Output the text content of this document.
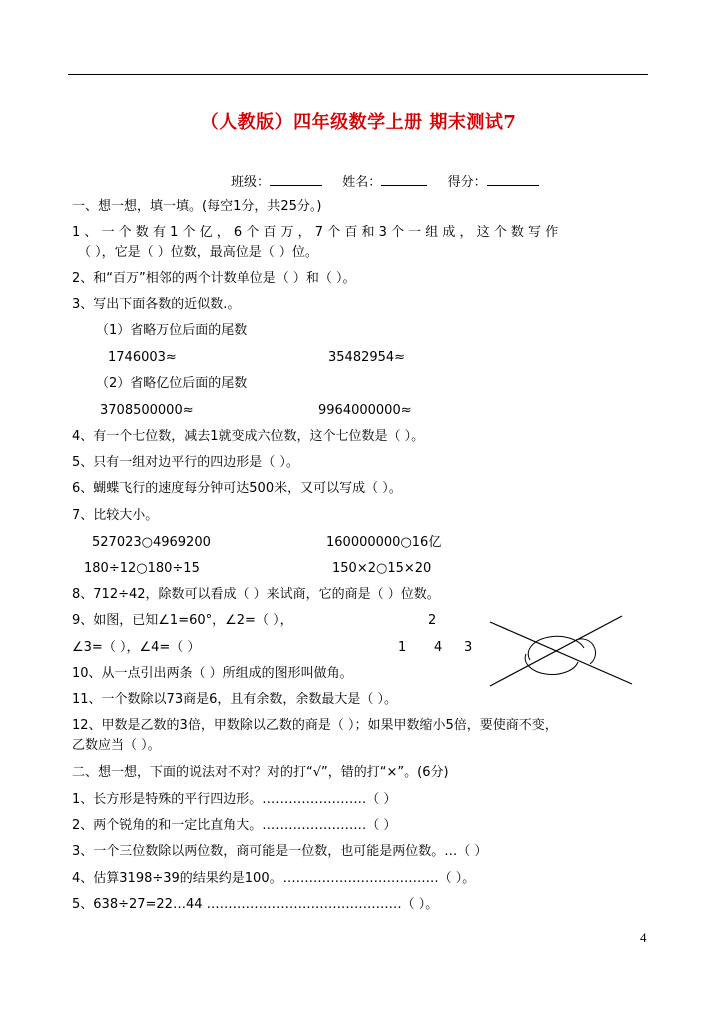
（人教版）四年级数学上册 期末测试7
班级：	姓名：	得分：
一、想一想，填一填。(每空1分，共25分。)
1 、 一 个 数 有 1 个 亿 ， 6 个 百 万 ， 7 个 百 和 3 个 一 组 成 ， 这 个 数 写 作
（ ），它是（ ）位数，最高位是（ ）位。
2、和“百万”相邻的两个计数单位是（ ）和（ ）。
3、写出下面各数的近似数.。
（1）省略万位后面的尾数
1746003≈	35482954≈
（2）省略亿位后面的尾数
3708500000≈	9964000000≈
4、有一个七位数，减去1就变成六位数，这个七位数是（ ）。
5、只有一组对边平行的四边形是（ ）。
6、蝴蝶飞行的速度每分钟可达500米，又可以写成（ ）。
7、比较大小。
527023○4969200	160000000○16亿
180÷12○180÷15	150×2○15×20
8、712÷42，除数可以看成（ ）来试商，它的商是（ ）位数。
9、如图，已知∠1=60°，∠2=（ ），
∠3=（ ），∠4=（ ）
2
1 4 3
10、从一点引出两条（ ）所组成的图形叫做角。
11、一个数除以73商是6，且有余数，余数最大是（ ）。
12、甲数是乙数的3倍，甲数除以乙数的商是（ ）；如果甲数缩小5倍，要使商不变，
乙数应当（ ）。
二、想一想，下面的说法对不对？对的打“√”，错的打“×”。(6分)
1、长方形是特殊的平行四边形。……………………（ ）
2、两个锐角的和一定比直角大。……………………（ ）
3、一个三位数除以两位数，商可能是一位数，也可能是两位数。…（ ）
4、估算3198÷39的结果约是100。………………………………（ ）。
5、638÷27=22…44 ………………………………………（ ）。
4
